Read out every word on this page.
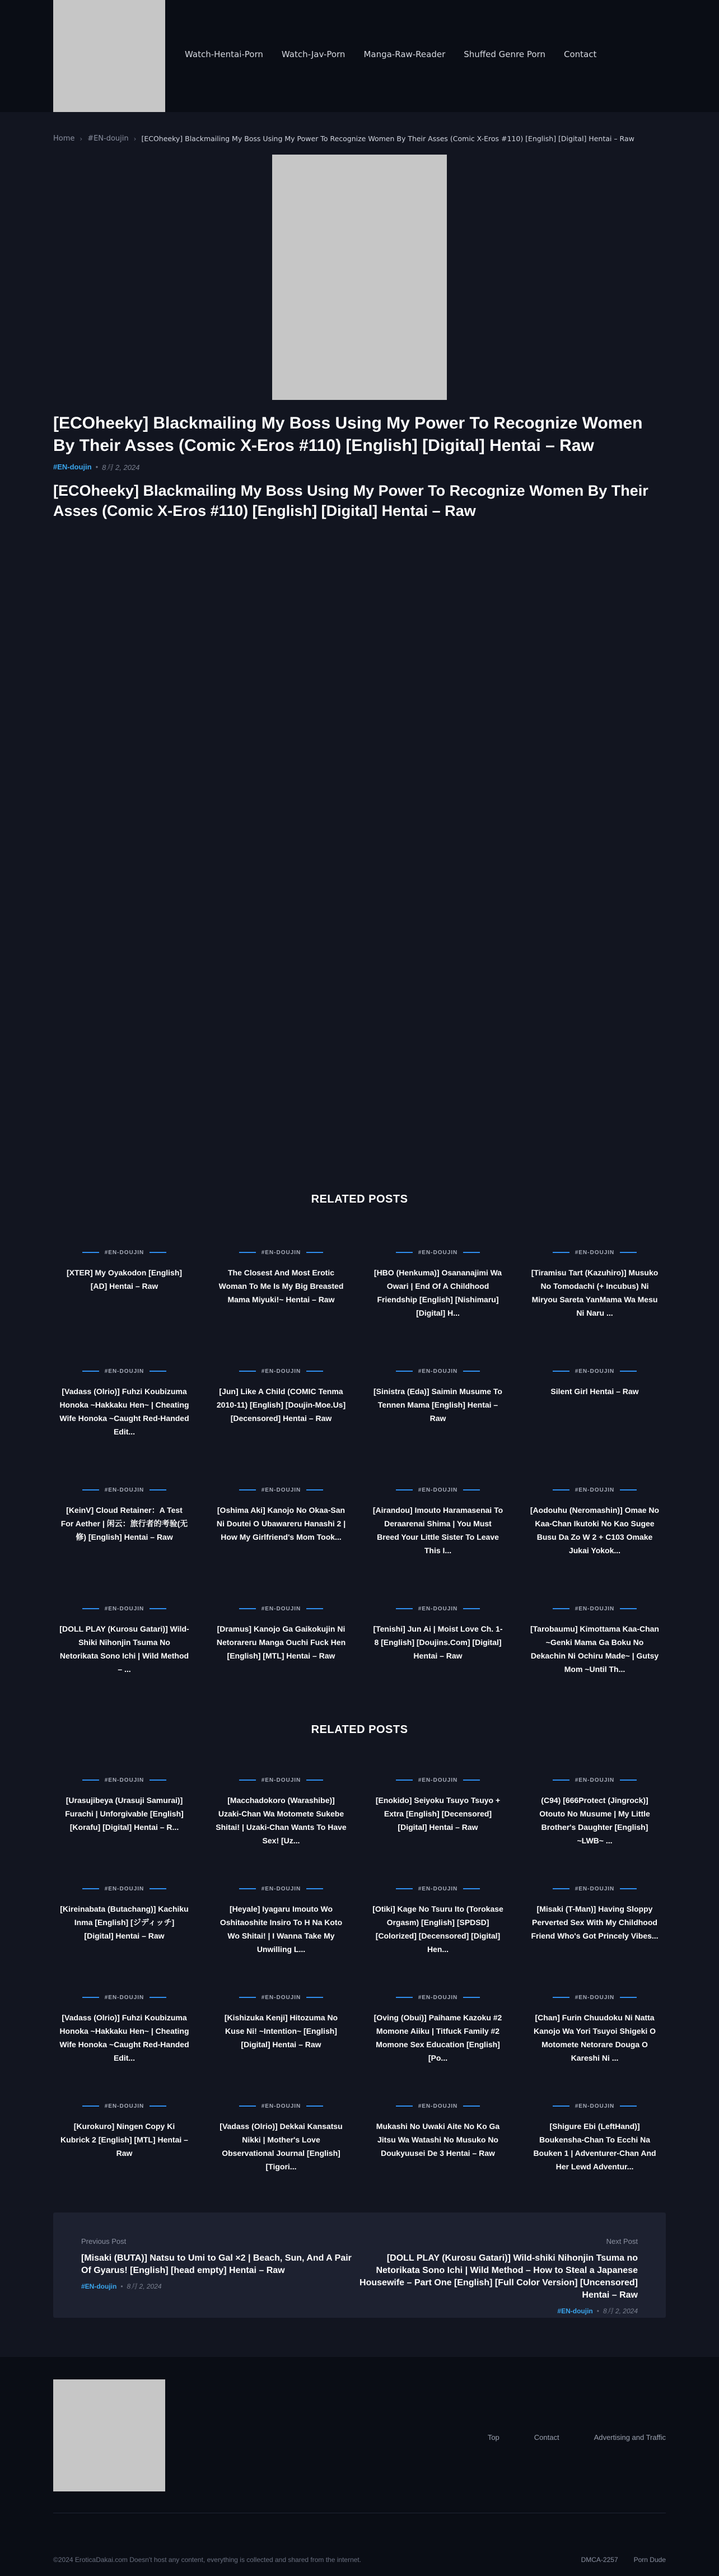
Watch-Hentai-Porn Watch-Jav-Porn Manga-Raw-Reader Shuffed Genre Porn Contact
Home › #EN-doujin › [ECOheeky] Blackmailing My Boss Using My Power To Recognize Women By Their Asses (Comic X-Eros #110) [English] [Digital] Hentai – Raw
[ECOheeky] Blackmailing My Boss Using My Power To Recognize Women By Their Asses (Comic X-Eros #110) [English] [Digital] Hentai – Raw
#EN-doujin • 8月 2, 2024
[ECOheeky] Blackmailing My Boss Using My Power To Recognize Women By Their Asses (Comic X-Eros #110) [English] [Digital] Hentai – Raw
RELATED POSTS
#EN-DOUJIN
[XTER] My Oyakodon [English][AD] Hentai – Raw
#EN-DOUJIN
The Closest And Most Erotic Woman To Me Is My Big Breasted Mama Miyuki!~ Hentai – Raw
#EN-DOUJIN
[HBO (Henkuma)] Osananajimi Wa Owari | End Of A Childhood Friendship [English] [Nishimaru] [Digital] H...
#EN-DOUJIN
[Tiramisu Tart (Kazuhiro)] Musuko No Tomodachi (+ Incubus) Ni Miryou Sareta YanMama Wa Mesu Ni Naru ...
#EN-DOUJIN
[Vadass (Olrio)] Fuhzi Koubizuma Honoka ~Hakkaku Hen~ | Cheating Wife Honoka ~Caught Red-Handed Edit...
#EN-DOUJIN
[Jun] Like A Child (COMIC Tenma 2010-11) [English] [Doujin-Moe.Us] [Decensored] Hentai – Raw
#EN-DOUJIN
[Sinistra (Eda)] Saimin Musume To Tennen Mama [English] Hentai – Raw
#EN-DOUJIN
Silent Girl Hentai – Raw
#EN-DOUJIN
[KeinV] Cloud Retainer：A Test For Aether | 闲云：旅行者的考验(无修) [English] Hentai – Raw
#EN-DOUJIN
[Oshima Aki] Kanojo No Okaa-San Ni Doutei O Ubawareru Hanashi 2 | How My Girlfriend's Mom Took...
#EN-DOUJIN
[Airandou] Imouto Haramasenai To Deraarenai Shima | You Must Breed Your Little Sister To Leave This I...
#EN-DOUJIN
[Aodouhu (Neromashin)] Omae No Kaa-Chan Ikutoki No Kao Sugee Busu Da Zo W 2 + C103 Omake Jukai Yokok...
#EN-DOUJIN
[DOLL PLAY (Kurosu Gatari)] Wild-Shiki Nihonjin Tsuma No Netorikata Sono Ichi | Wild Method – ...
#EN-DOUJIN
[Dramus] Kanojo Ga Gaikokujin Ni Netorareru Manga Ouchi Fuck Hen [English] [MTL] Hentai – Raw
#EN-DOUJIN
[Tenishi] Jun Ai | Moist Love Ch. 1-8 [English] [Doujins.Com] [Digital] Hentai – Raw
#EN-DOUJIN
[Tarobaumu] Kimottama Kaa-Chan ~Genki Mama Ga Boku No Dekachin Ni Ochiru Made~ | Gutsy Mom ~Until Th...
RELATED POSTS
#EN-DOUJIN
[Urasujibeya (Urasuji Samurai)] Furachi | Unforgivable [English] [Korafu] [Digital] Hentai – R...
#EN-DOUJIN
[Macchadokoro (Warashibe)] Uzaki-Chan Wa Motomete Sukebe Shitai! | Uzaki-Chan Wants To Have Sex! [Uz...
#EN-DOUJIN
[Enokido] Seiyoku Tsuyo Tsuyo + Extra [English] [Decensored] [Digital] Hentai – Raw
#EN-DOUJIN
(C94) [666Protect (Jingrock)] Otouto No Musume | My Little Brother's Daughter [English] ~LWB~ ...
#EN-DOUJIN
[Kireinabata (Butachang)] Kachiku Inma [English] [ジディッチ] [Digital] Hentai – Raw
#EN-DOUJIN
[Heyale] Iyagaru Imouto Wo Oshitaoshite Insiro To H Na Koto Wo Shitai! | I Wanna Take My Unwilling L...
#EN-DOUJIN
[Otiki] Kage No Tsuru Ito (Torokase Orgasm) [English] [SPDSD] [Colorized] [Decensored] [Digital] Hen...
#EN-DOUJIN
[Misaki (T-Man)] Having Sloppy Perverted Sex With My Childhood Friend Who's Got Princely Vibes...
#EN-DOUJIN
[Vadass (Olrio)] Fuhzi Koubizuma Honoka ~Hakkaku Hen~ | Cheating Wife Honoka ~Caught Red-Handed Edit...
#EN-DOUJIN
[Kishizuka Kenji] Hitozuma No Kuse Ni! ~Intention~ [English] [Digital] Hentai – Raw
#EN-DOUJIN
[Oving (Obui)] Paihame Kazoku #2 Momone Aiiku | Titfuck Family #2 Momone Sex Education [English] [Po...
#EN-DOUJIN
[Chan] Furin Chuudoku Ni Natta Kanojo Wa Yori Tsuyoi Shigeki O Motomete Netorare Douga O Kareshi Ni ...
#EN-DOUJIN
[Kurokuro] Ningen Copy Ki Kubrick 2 [English] [MTL] Hentai – Raw
#EN-DOUJIN
[Vadass (Olrio)] Dekkai Kansatsu Nikki | Mother's Love Observational Journal [English] [Tigori...
#EN-DOUJIN
Mukashi No Uwaki Aite No Ko Ga Jitsu Wa Watashi No Musuko No Doukyuusei De 3 Hentai – Raw
#EN-DOUJIN
[Shigure Ebi (LeftHand)] Boukensha-Chan To Ecchi Na Bouken 1 | Adventurer-Chan And Her Lewd Adventur...
Previous Post
[Misaki (BUTA)] Natsu to Umi to Gal ×2 | Beach, Sun, And A Pair Of Gyarus! [English] [head empty] Hentai – Raw
#EN-doujin • 8月 2, 2024
Next Post
[DOLL PLAY (Kurosu Gatari)] Wild-shiki Nihonjin Tsuma no Netorikata Sono Ichi | Wild Method – How to Steal a Japanese Housewife – Part One [English] [Full Color Version] [Uncensored] Hentai – Raw
#EN-doujin • 8月 2, 2024
Top	Contact	Advertising and Traffic
©2024 EroticaDakai.com Doesn't host any content, everything is collected and shared from the internet.	DMCA-2257 Porn Dude
